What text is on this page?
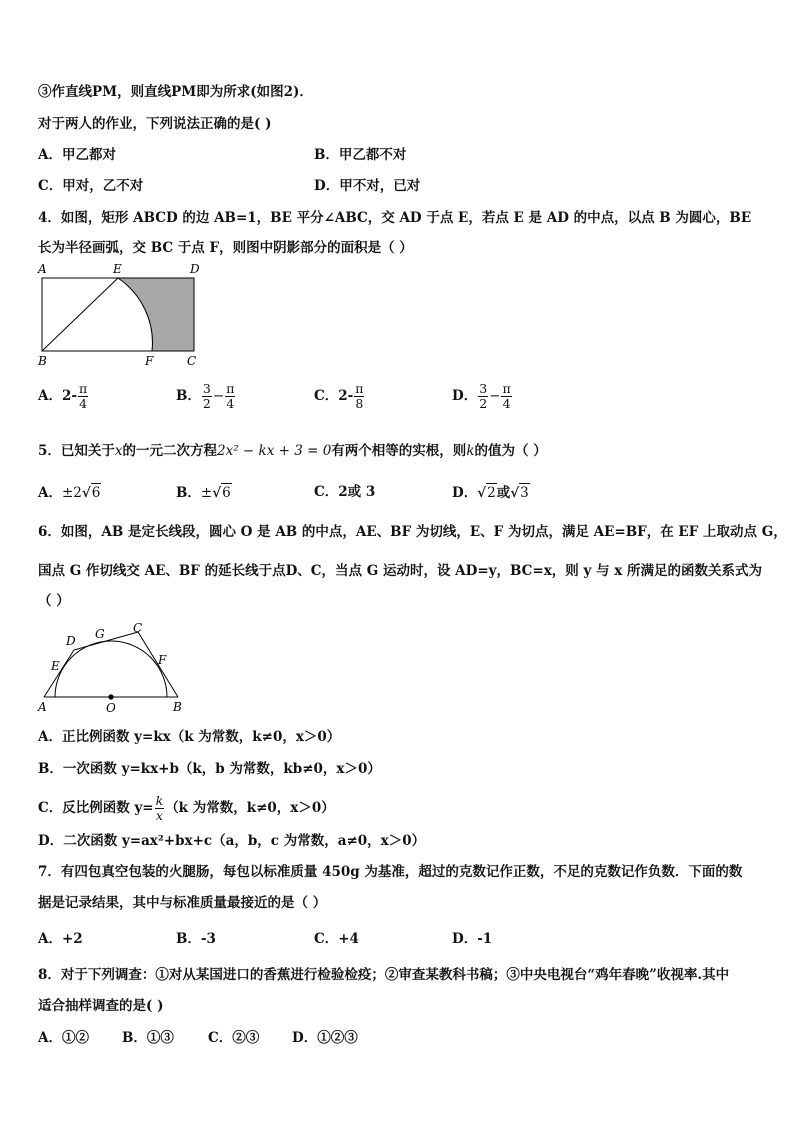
③作直线PM，则直线PM即为所求(如图2)．
对于两人的作业，下列说法正确的是( )
A．甲乙都对	B．甲乙都不对
C．甲对，乙不对	D．甲不对，已对
4．如图，矩形 ABCD 的边 AB=1，BE 平分∠ABC，交 AD 于点 E，若点 E 是 AD 的中点，以点 B 为圆心，BE
长为半径画弧，交 BC 于点 F，则图中阴影部分的面积是（ ）
A	E	D
B	F	C
A．$2- \frac{\pi}{4}$	B． $\frac{3}{2} - \frac{\pi}{4}$	C．$2- \frac{\pi}{8}$	D． $\frac{3}{2} - \frac{\pi}{4}$
5．已知关于x的一元二次方程2x² − kx + 3 = 0有两个相等的实根，则k的值为（ ）
A．±2√6	B．±√6	C．2或 3	D．√2或√3
6．如图，AB 是定长线段，圆心 O 是 AB 的中点，AE、BF 为切线，E、F 为切点，满足 AE=BF，在 EF 上取动点 G，
国点 G 作切线交 AE、BF 的延长线于点D、C，当点 G 运动时，设 AD=y，BC=x，则 y 与 x 所满足的函数关系式为
（ ）
D G C
E	F
A	O	B
A．正比例函数 y=kx（k 为常数，k≠0，x＞0）
B．一次函数 y=kx+b（k，b 为常数，kb≠0，x＞0）
C．反比例函数 $y= \frac{k}{x} (k$ 为常数，k≠0，x＞0）
D．二次函数 y=ax²+bx+c（a，b，c 为常数，a≠0，x＞0）
7．有四包真空包装的火腿肠，每包以标准质量 450g 为基准，超过的克数记作正数，不足的克数记作负数．下面的数
据是记录结果，其中与标准质量最接近的是（ ）
A．+2	B．-3	C．+4	D．-1
8．对于下列调查：①对从某国进口的香蕉进行检验检疫；②审查某教科书稿；③中央电视台“鸡年春晚”收视率.其中
适合抽样调查的是( )
A．①② B．①③	C．②③ D．①②③
